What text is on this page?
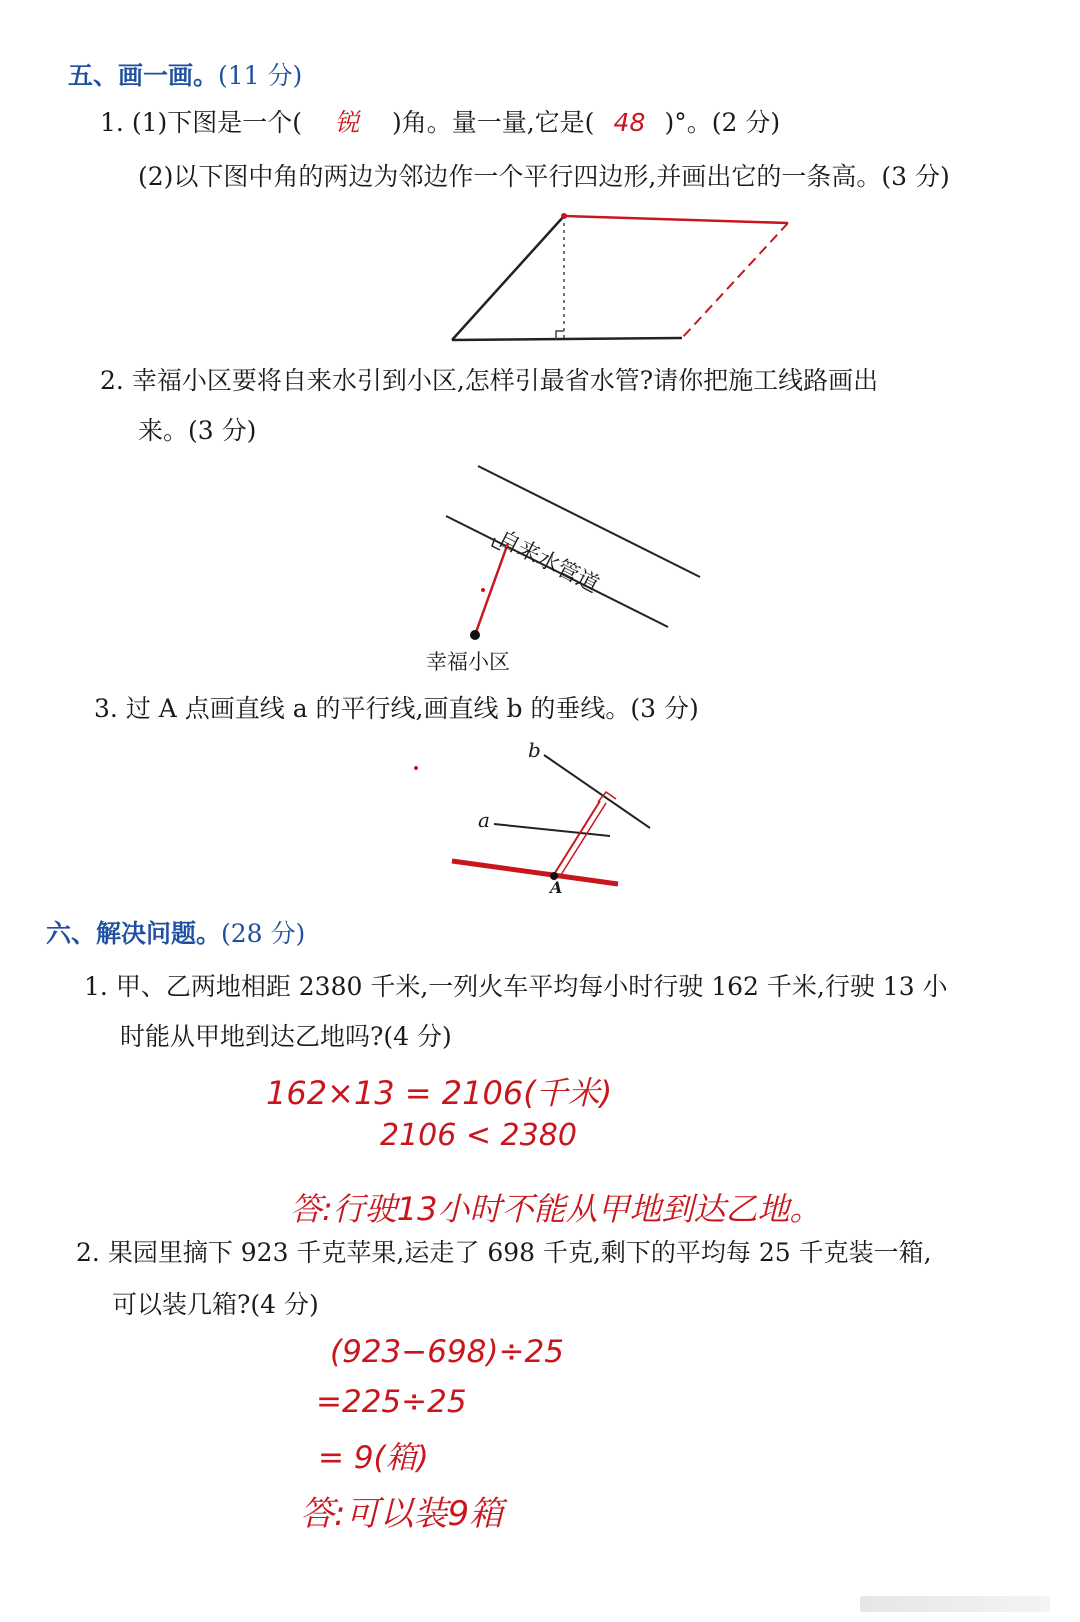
五、画一画。(11 分)
1. (1)下图是一个( 锐 )角。量一量,它是( 48 )°。(2 分)
(2)以下图中角的两边为邻边作一个平行四边形,并画出它的一条高。(3 分)
2. 幸福小区要将自来水引到小区,怎样引最省水管?请你把施工线路画出
来。(3 分)
自来水管道
幸福小区
3. 过 A 点画直线 a 的平行线,画直线 b 的垂线。(3 分)
b
a
A
六、解决问题。(28 分)
1. 甲、乙两地相距 2380 千米,一列火车平均每小时行驶 162 千米,行驶 13 小
时能从甲地到达乙地吗?(4 分)
162×13 = 2106(千米)
2106 < 2380
答:行驶13小时不能从甲地到达乙地。
2. 果园里摘下 923 千克苹果,运走了 698 千克,剩下的平均每 25 千克装一箱,
可以装几箱?(4 分)
(923−698)÷25
=225÷25
= 9(箱)
答:可以装9箱
